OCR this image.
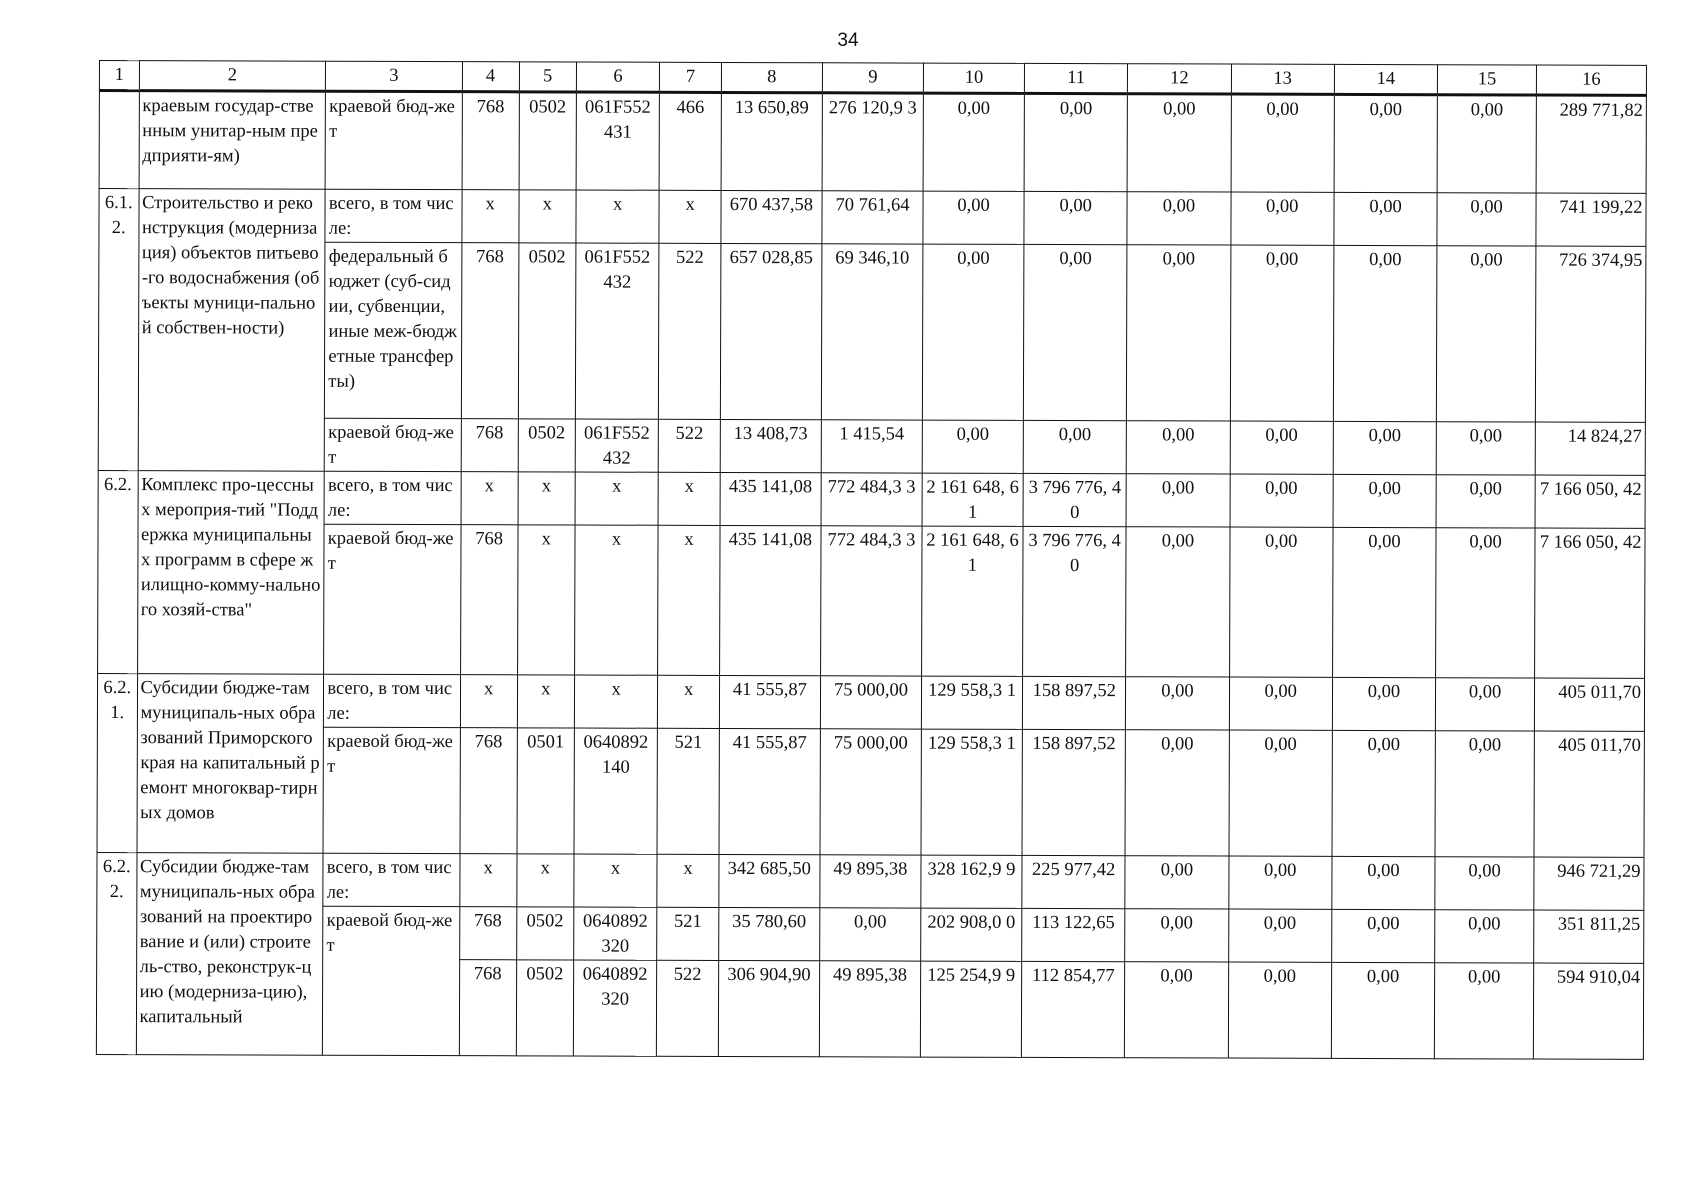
34
1	2	3	4	5	6	7	8	9	10	11	12	13	14	15	16
	краевым государ-ственным унитар-ным предприяти-ям)	краевой бюд-жет	768	0502	061F552 431	466	13 650,89	276 120,9 3	0,00	0,00	0,00	0,00	0,00	0,00	289 771,82
6.1. 2.	Строительство и реконструкция (модернизация) объектов питьево-го водоснабжения (объекты муници-пальной собствен-ности)	всего, в том числе:	x	x	x	x	670 437,58	70 761,64	0,00	0,00	0,00	0,00	0,00	0,00	741 199,22
		федеральный бюджет (суб-сидии, субвенции, иные меж-бюджетные трансферты)	768	0502	061F552 432	522	657 028,85	69 346,10	0,00	0,00	0,00	0,00	0,00	0,00	726 374,95
		краевой бюд-жет	768	0502	061F552 432	522	13 408,73	1 415,54	0,00	0,00	0,00	0,00	0,00	0,00	14 824,27
6.2.	Комплекс про-цессных мероприя-тий "Поддержка муниципальных программ в сфере жилищно-комму-нального хозяй-ства"	всего, в том числе:	x	x	x	x	435 141,08	772 484,3 3	2 161 648, 61	3 796 776, 40	0,00	0,00	0,00	0,00	7 166 050, 42
		краевой бюд-жет	768	x	x	x	435 141,08	772 484,3 3	2 161 648, 61	3 796 776, 40	0,00	0,00	0,00	0,00	7 166 050, 42
6.2. 1.	Субсидии бюдже-там муниципаль-ных образований Приморского края на капитальный ремонт многоквар-тирных домов	всего, в том числе:	x	x	x	x	41 555,87	75 000,00	129 558,3 1	158 897,52	0,00	0,00	0,00	0,00	405 011,70
		краевой бюд-жет	768	0501	0640892 140	521	41 555,87	75 000,00	129 558,3 1	158 897,52	0,00	0,00	0,00	0,00	405 011,70
6.2. 2.	Субсидии бюдже-там муниципаль-ных образований на проектирование и (или) строитель-ство, реконструк-цию (модерниза-цию), капитальный	всего, в том числе:	x	x	x	x	342 685,50	49 895,38	328 162,9 9	225 977,42	0,00	0,00	0,00	0,00	946 721,29
		краевой бюд-жет	768	0502	0640892 320	521	35 780,60	0,00	202 908,0 0	113 122,65	0,00	0,00	0,00	0,00	351 811,25
			768	0502	0640892 320	522	306 904,90	49 895,38	125 254,9 9	112 854,77	0,00	0,00	0,00	0,00	594 910,04
